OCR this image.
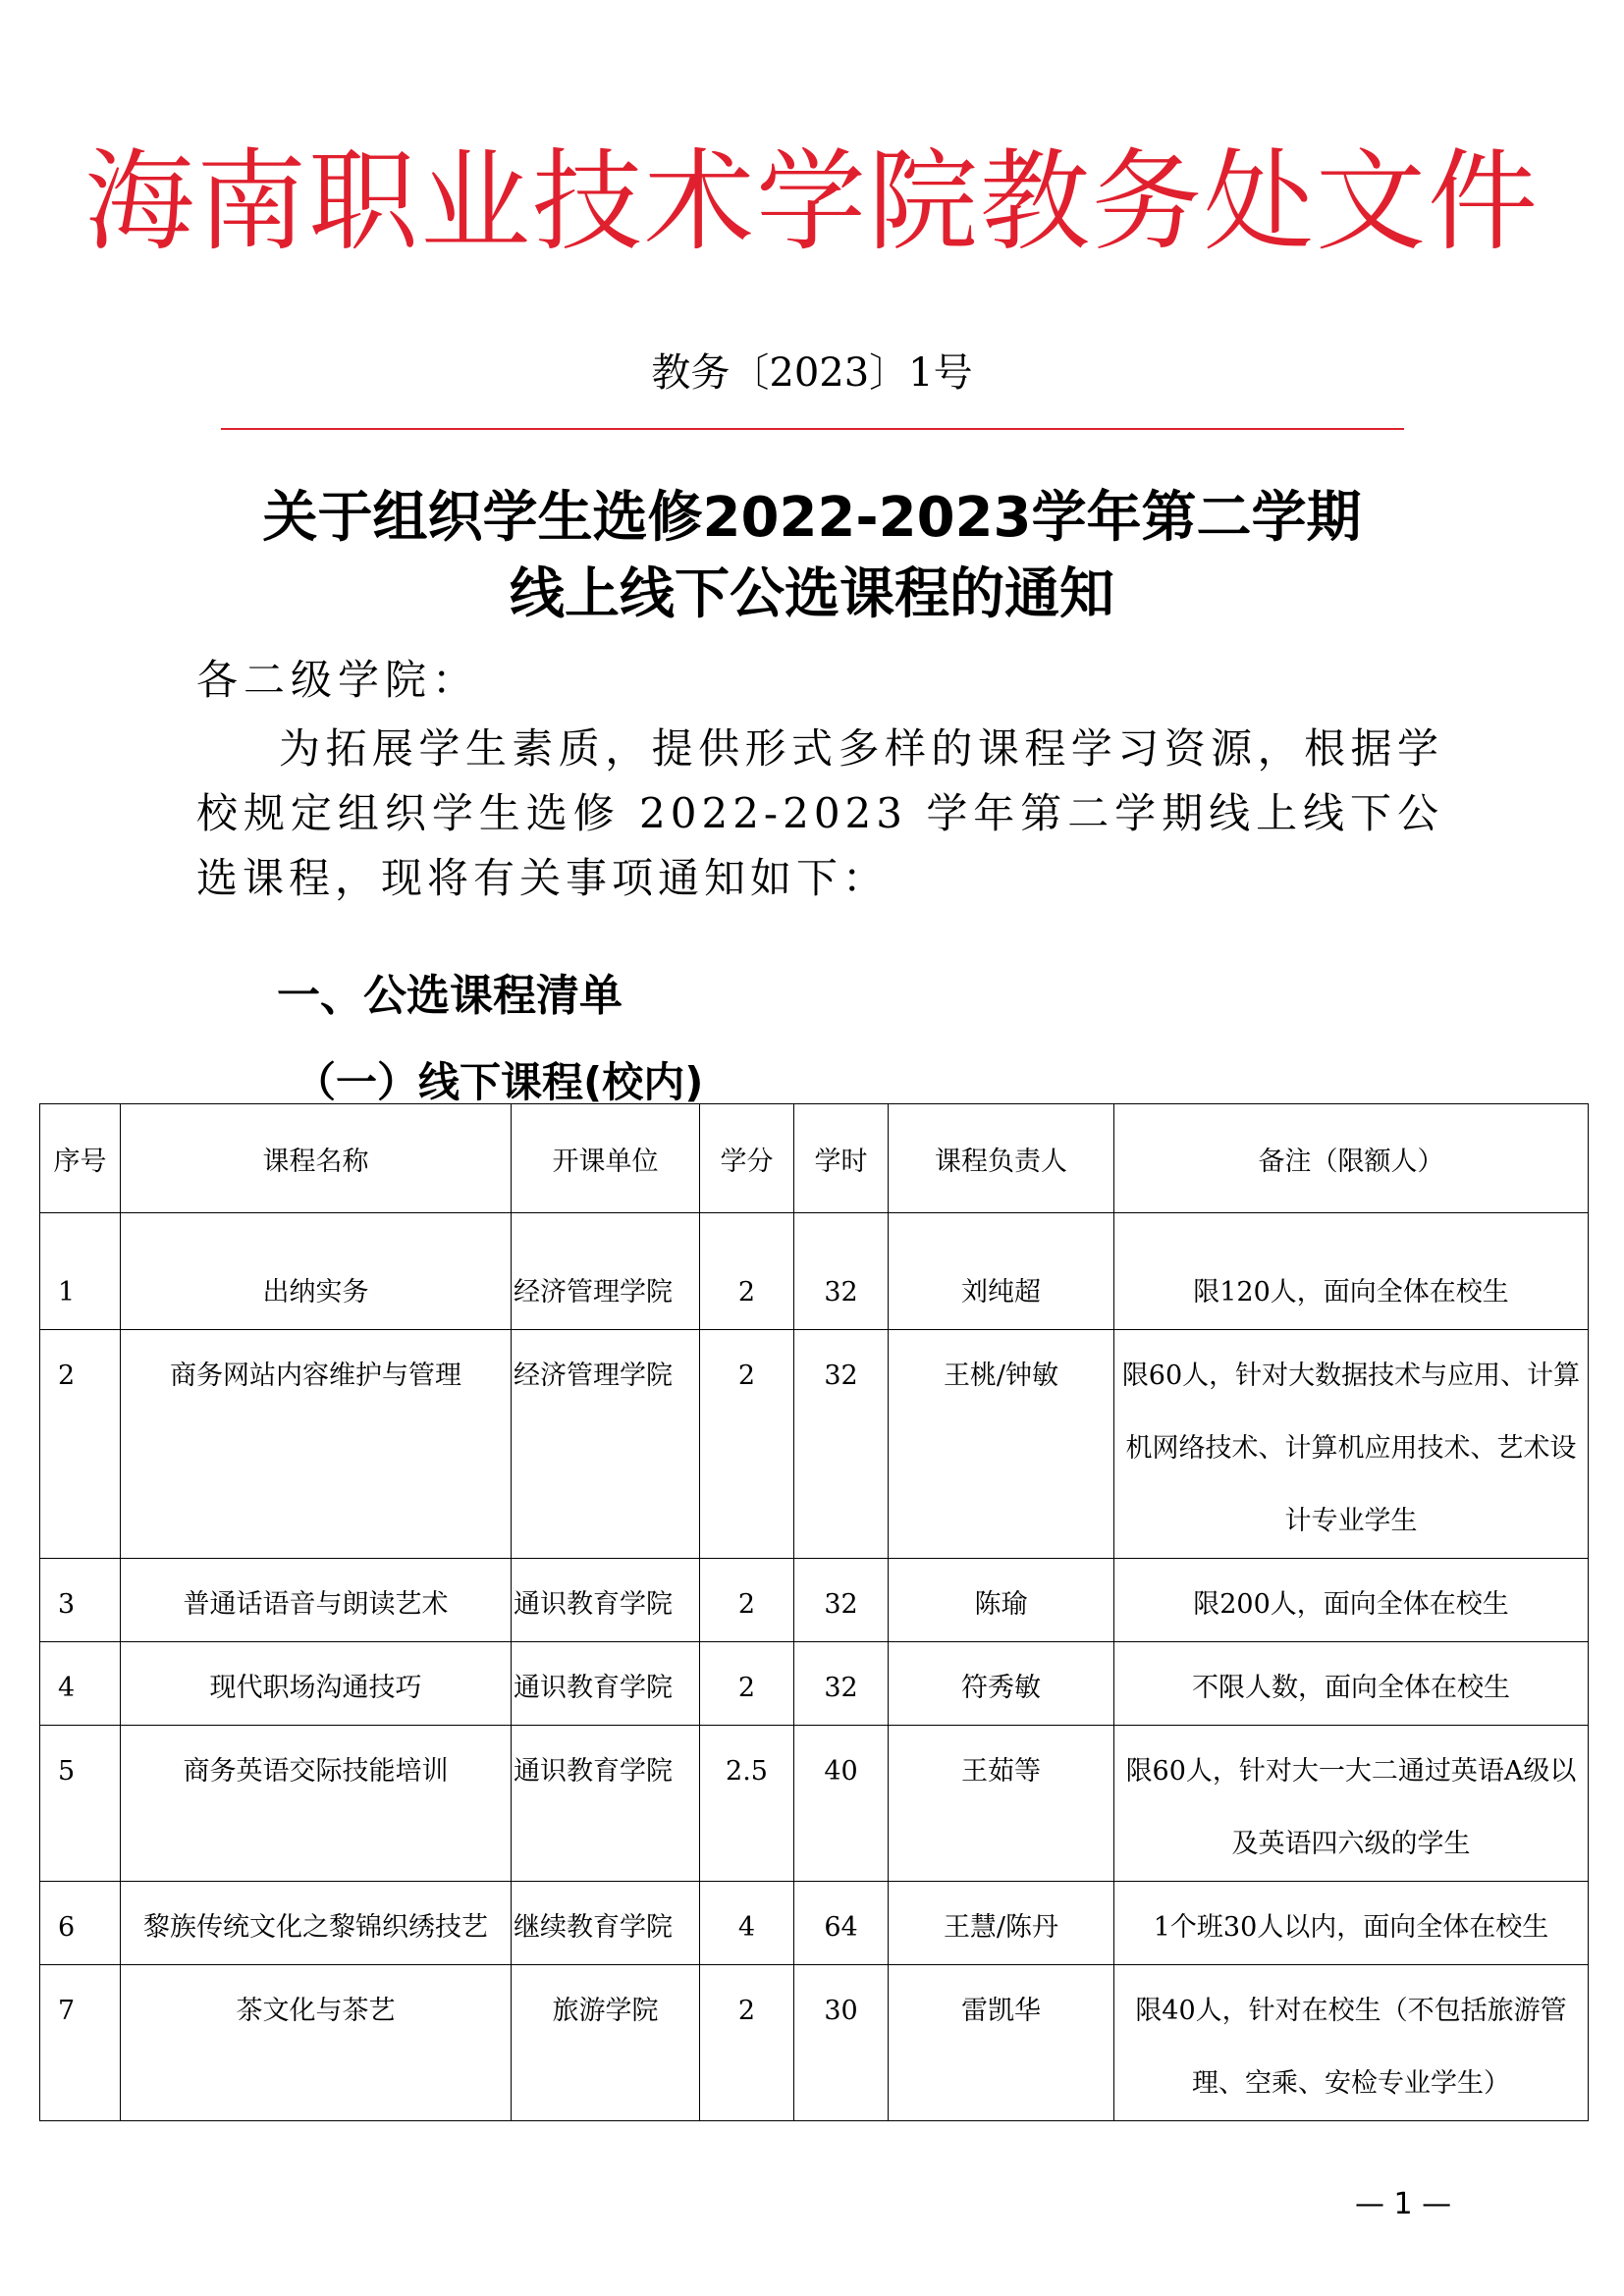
海南职业技术学院教务处文件
教务〔2023〕1号
关于组织学生选修2022-2023学年第二学期
线上线下公选课程的通知
各二级学院：
为拓展学生素质，提供形式多样的课程学习资源，根据学校规定组织学生选修 2022-2023 学年第二学期线上线下公选课程，现将有关事项通知如下：
一、公选课程清单
（一）线下课程(校内)
序号	课程名称	开课单位	学分	学时	课程负责人	备注（限额人）
1	出纳实务	经济管理学院	2	32	刘纯超	限120人，面向全体在校生
2	商务网站内容维护与管理	经济管理学院	2	32	王桃/钟敏	限60人，针对大数据技术与应用、计算机网络技术、计算机应用技术、艺术设计专业学生
3	普通话语音与朗读艺术	通识教育学院	2	32	陈瑜	限200人，面向全体在校生
4	现代职场沟通技巧	通识教育学院	2	32	符秀敏	不限人数，面向全体在校生
5	商务英语交际技能培训	通识教育学院	2.5	40	王茹等	限60人，针对大一大二通过英语A级以及英语四六级的学生
6	黎族传统文化之黎锦织绣技艺	继续教育学院	4	64	王慧/陈丹	1个班30人以内，面向全体在校生
7	茶文化与茶艺	旅游学院	2	30	雷凯华	限40人，针对在校生（不包括旅游管理、空乘、安检专业学生）
— 1 —
